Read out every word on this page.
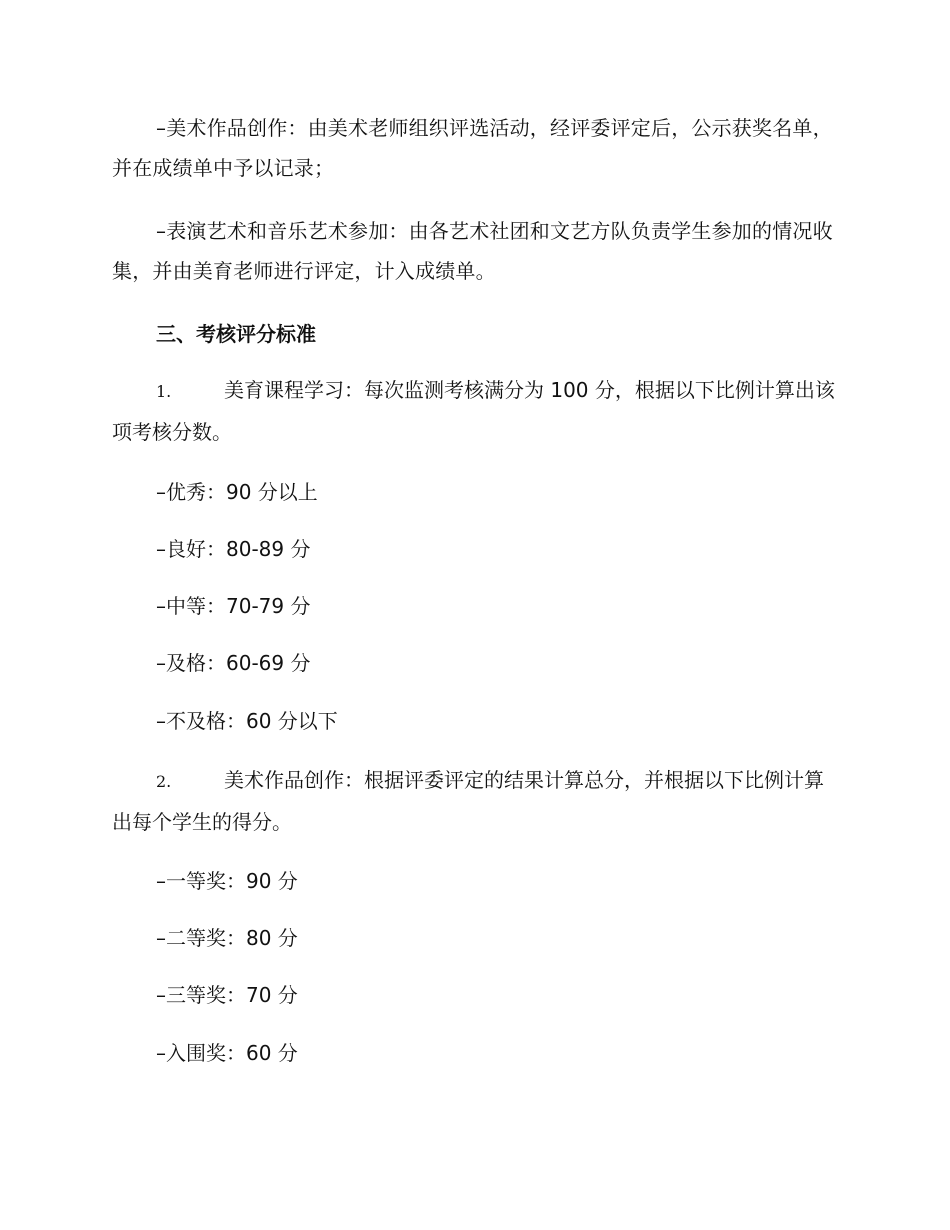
–美术作品创作：由美术老师组织评选活动，经评委评定后，公示获奖名单，并在成绩单中予以记录；

–表演艺术和音乐艺术参加：由各艺术社团和文艺方队负责学生参加的情况收集，并由美育老师进行评定，计入成绩单。

三、考核评分标准

1.	美育课程学习：每次监测考核满分为 100 分，根据以下比例计算出该项考核分数。

–优秀：90 分以上

–良好：80-89 分

–中等：70-79 分

–及格：60-69 分

–不及格：60 分以下

2.	美术作品创作：根据评委评定的结果计算总分，并根据以下比例计算出每个学生的得分。

–一等奖：90 分

–二等奖：80 分

–三等奖：70 分

–入围奖：60 分
